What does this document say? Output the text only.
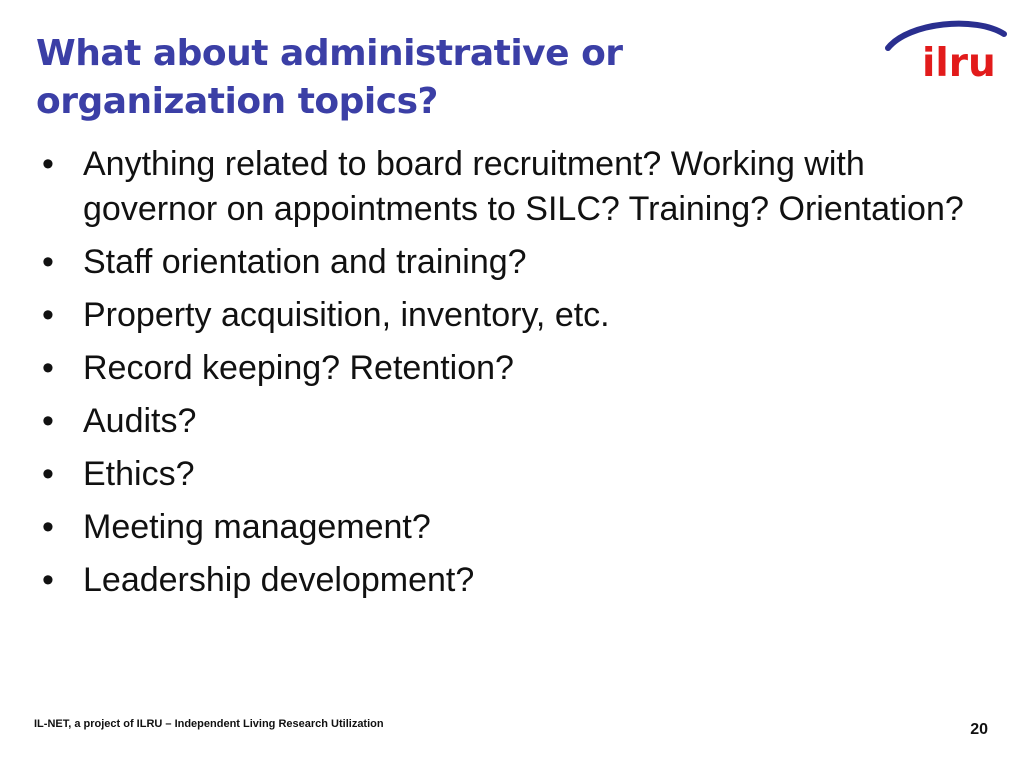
What about administrative or organization topics?
ilru
• Anything related to board recruitment? Working with governor on appointments to SILC? Training? Orientation?
• Staff orientation and training?
• Property acquisition, inventory, etc.
• Record keeping? Retention?
• Audits?
• Ethics?
• Meeting management?
• Leadership development?
IL-NET, a project of ILRU – Independent Living Research Utilization	20
